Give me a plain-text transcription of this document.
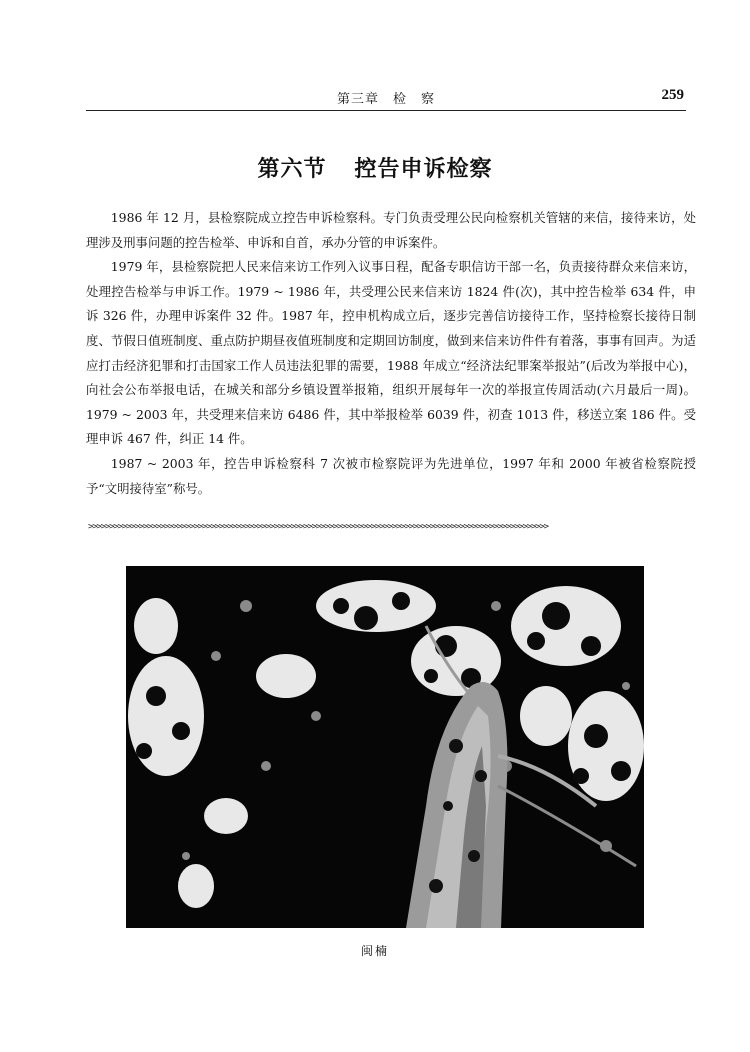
第三章　检　察	259
第六节 控告申诉检察

1986 年 12 月，县检察院成立控告申诉检察科。专门负责受理公民向检察机关管辖的来信，接待来访，处理涉及刑事问题的控告检举、申诉和自首，承办分管的申诉案件。

1979 年，县检察院把人民来信来访工作列入议事日程，配备专职信访干部一名，负责接待群众来信来访，处理控告检举与申诉工作。1979 ~ 1986 年，共受理公民来信来访 1824 件(次)，其中控告检举 634 件，申诉 326 件，办理申诉案件 32 件。1987 年，控申机构成立后，逐步完善信访接待工作，坚持检察长接待日制度、节假日值班制度、重点防护期昼夜值班制度和定期回访制度，做到来信来访件件有着落，事事有回声。为适应打击经济犯罪和打击国家工作人员违法犯罪的需要，1988 年成立“经济法纪罪案举报站”(后改为举报中心)，向社会公布举报电话，在城关和部分乡镇设置举报箱，组织开展每年一次的举报宣传周活动(六月最后一周)。1979 ~ 2003 年，共受理来信来访 6486 件，其中举报检举 6039 件，初查 1013 件，移送立案 186 件。受理申诉 467 件，纠正 14 件。

1987 ~ 2003 年，控告申诉检察科 7 次被市检察院评为先进单位，1997 年和 2000 年被省检察院授予“文明接待室”称号。

>>>>>>>>>>>>>>>>>>>>>>>>>>>>>>>>>>>>>>>>>>>>>>>>>>>>>>>>>>>>>>>>>>>>>>>>>>>>>>>>>>>>>>>>>>>>>>>>>>>>>>>>>>>>>
闽楠
